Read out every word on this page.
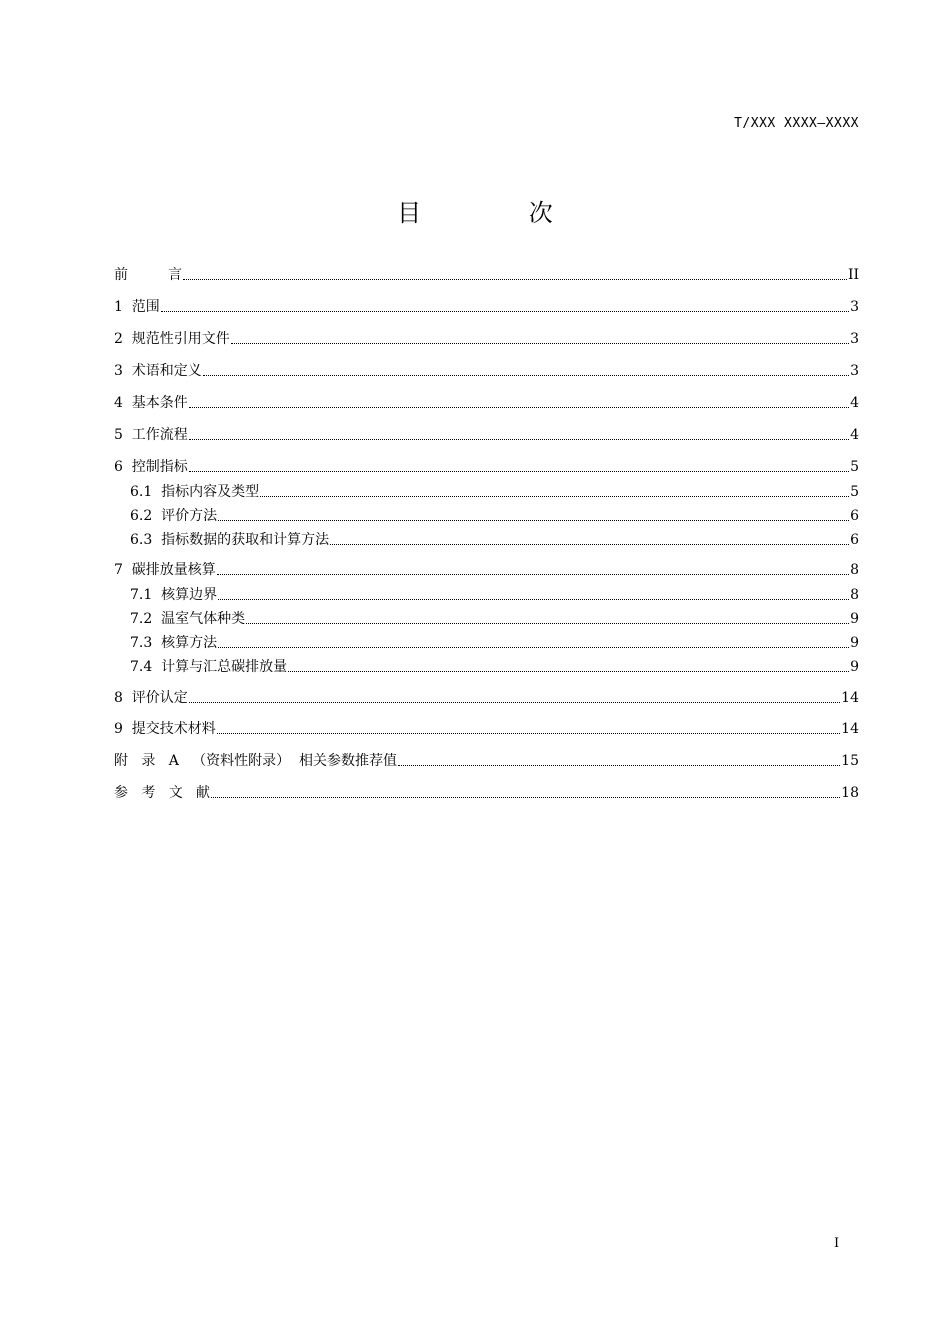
T/XXX XXXX—XXXX
目 次
前         言	II
1  范围	3
2  规范性引用文件	3
3  术语和定义	3
4  基本条件	4
5  工作流程	4
6  控制指标	5
6.1  指标内容及类型	5
6.2  评价方法	6
6.3  指标数据的获取和计算方法	6
7  碳排放量核算	8
7.1  核算边界	8
7.2  温室气体种类	9
7.3  核算方法	9
7.4  计算与汇总碳排放量	9
8  评价认定	14
9  提交技术材料	14
附   录   A   （资料性附录）  相关参数推荐值	15
参   考   文   献	18
I
